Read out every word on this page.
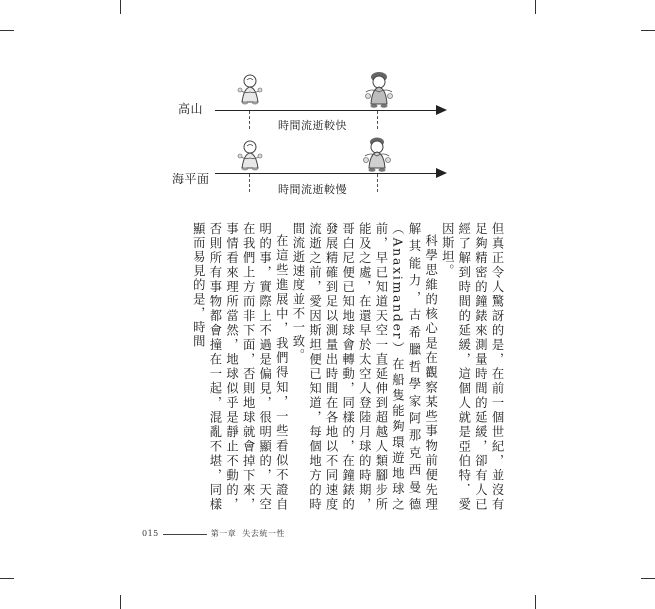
高山
時間流逝較快
海平面
時間流逝較慢

但真正令人驚訝的是，在前一個世紀，並沒有足夠精密的鐘錶來測量時間的延緩，卻有人已經了解到時間的延緩，這個人就是亞伯特．愛因斯坦。

科學思維的核心是在觀察某些事物前便先理解其能力，古希臘哲學家阿那克西曼德（Anaximander）在船隻能夠環遊地球之前，早已知道天空一直延伸到超越人類腳步所能及之處，在還早於太空人登陸月球的時期，哥白尼便已知地球會轉動，同樣的，在鐘錶的發展精確到足以測量出時間在各地以不同速度流逝之前，愛因斯坦便已知道，每個地方的時間流逝速度並不一致。

在這些進展中，我們得知，一些看似不證自明的事，實際上不過是偏見，很明顯的，天空在我們上方而非下面，否則地球就會掉下來，事情看來理所當然，地球似乎是靜止不動的，否則所有事物都會撞在一起，混亂不堪，同樣顯而易見的是，時間

015	第一章 失去統一性
